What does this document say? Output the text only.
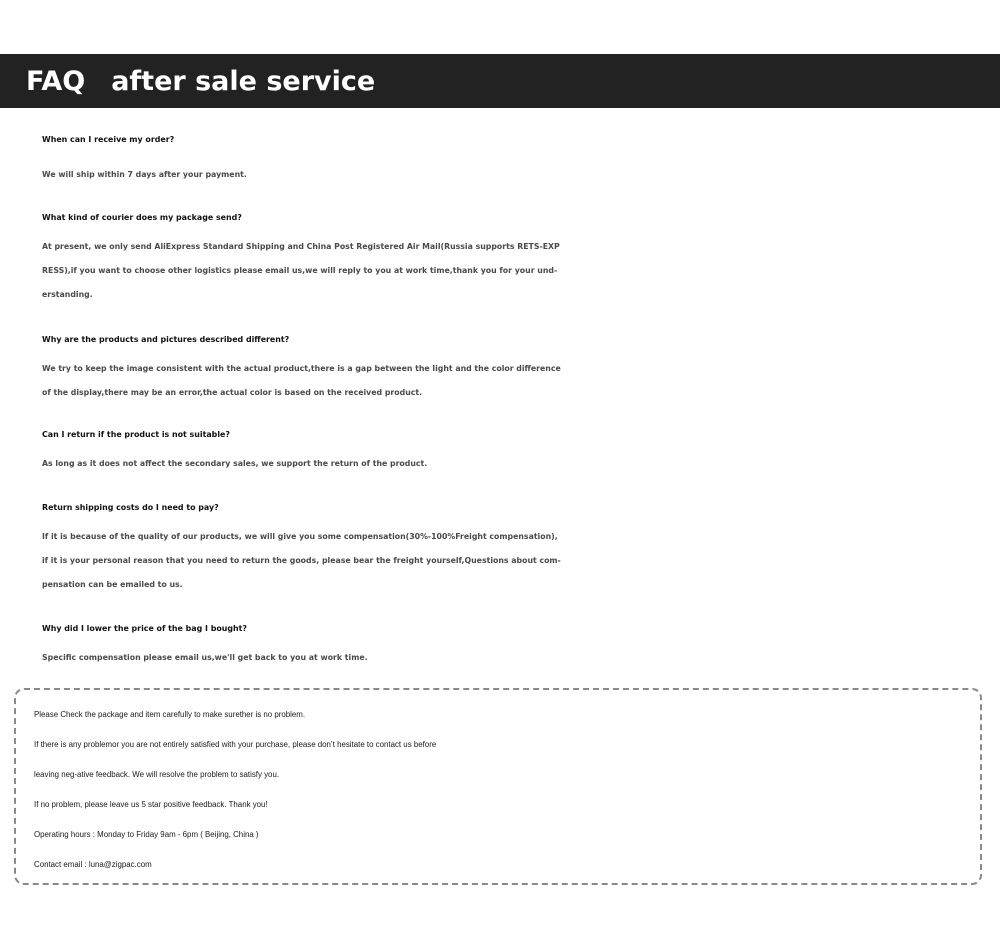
FAQ after sale service
When can I receive my order?
We will ship within 7 days after your payment.
What kind of courier does my package send?
At present, we only send AliExpress Standard Shipping and China Post Registered Air Mail(Russia supports RETS-EXP
RESS),if you want to choose other logistics please email us,we will reply to you at work time,thank you for your und-
erstanding.
Why are the products and pictures described different?
We try to keep the image consistent with the actual product,there is a gap between the light and the color difference
of the display,there may be an error,the actual color is based on the received product.
Can I return if the product is not suitable?
As long as it does not affect the secondary sales, we support the return of the product.
Return shipping costs do I need to pay?
If it is because of the quality of our products, we will give you some compensation(30%-100%Freight compensation),
if it is your personal reason that you need to return the goods, please bear the freight yourself,Questions about com-
pensation can be emailed to us.
Why did I lower the price of the bag I bought?
Specific compensation please email us,we'll get back to you at work time.
Please Check the package and item carefully to make surether is no problem.
If there is any problemor you are not entirely satisfied with your purchase, please don’t hesitate to contact us before
leaving neg-ative feedback. We will resolve the problem to satisfy you.
If no problem, please leave us 5 star positive feedback. Thank you!
Operating hours : Monday to Friday 9am - 6pm ( Beijing, China )
Contact email : luna@zigpac.com
